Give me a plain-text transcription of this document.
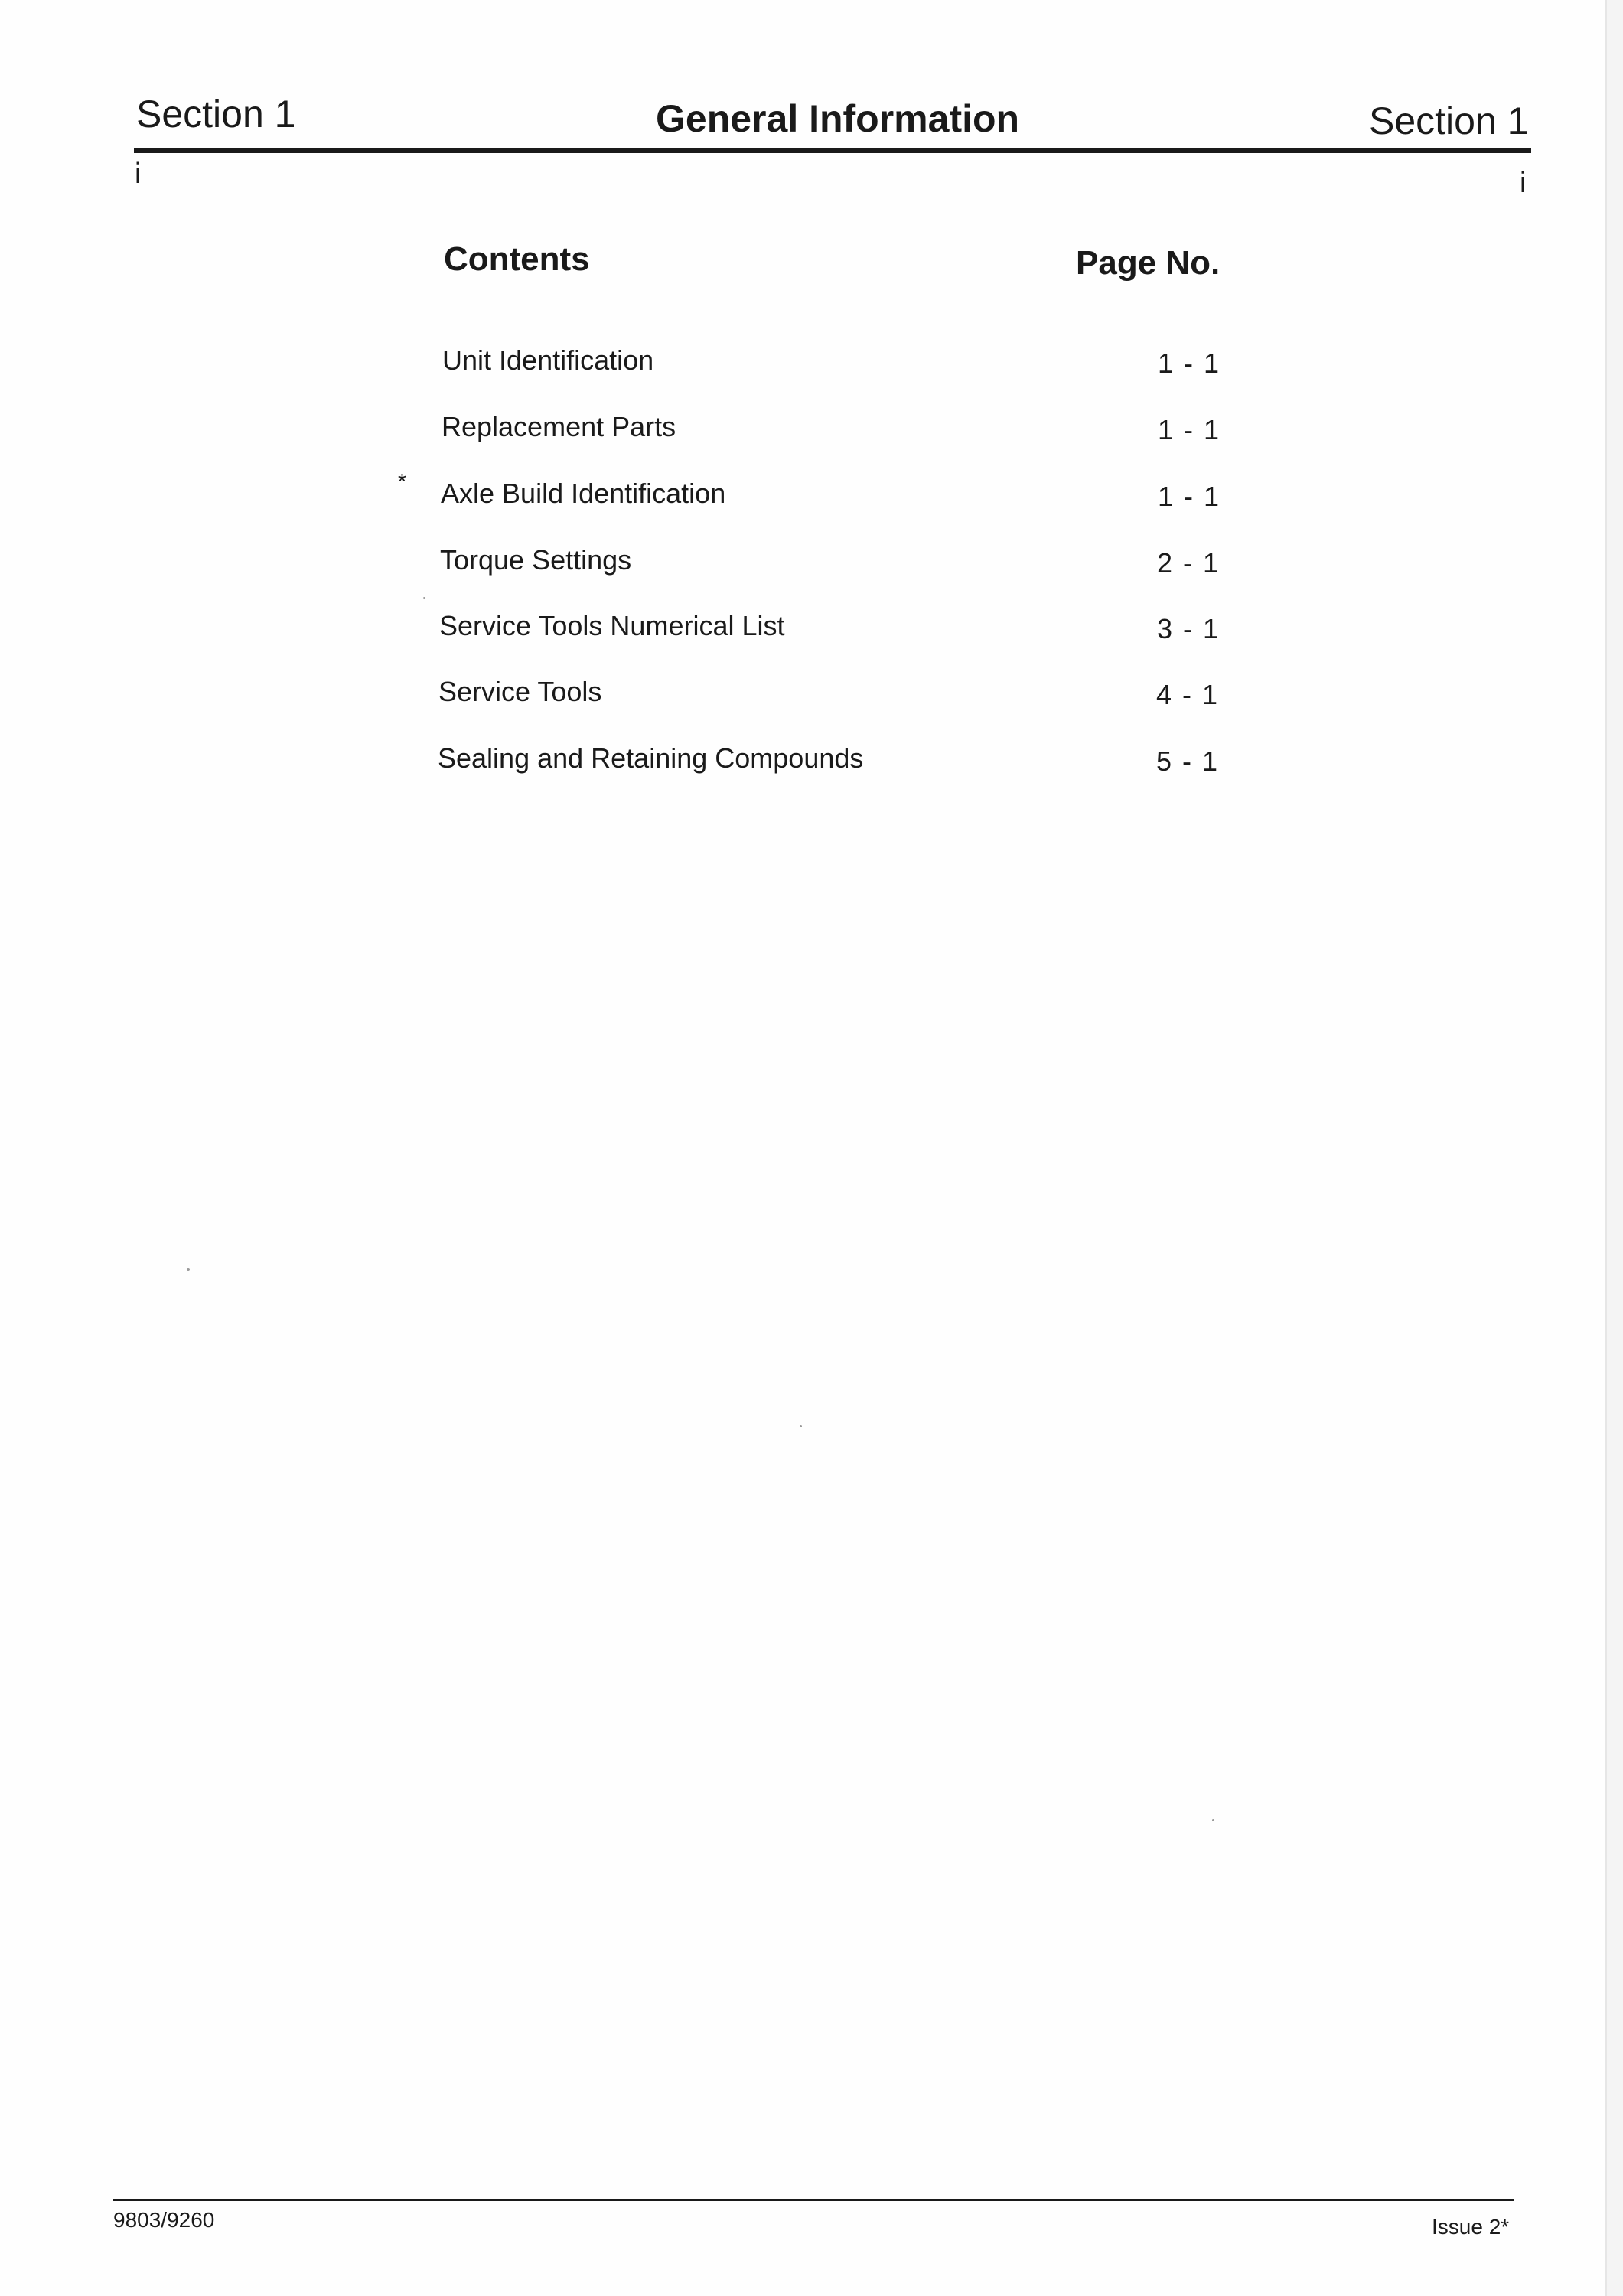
Section 1	General Information	Section 1
i	i
Contents	Page No.
Unit Identification	1 - 1
Replacement Parts	1 - 1
* Axle Build Identification	1 - 1
Torque Settings	2 - 1
Service Tools Numerical List	3 - 1
Service Tools	4 - 1
Sealing and Retaining Compounds	5 - 1
9803/9260	Issue 2*
